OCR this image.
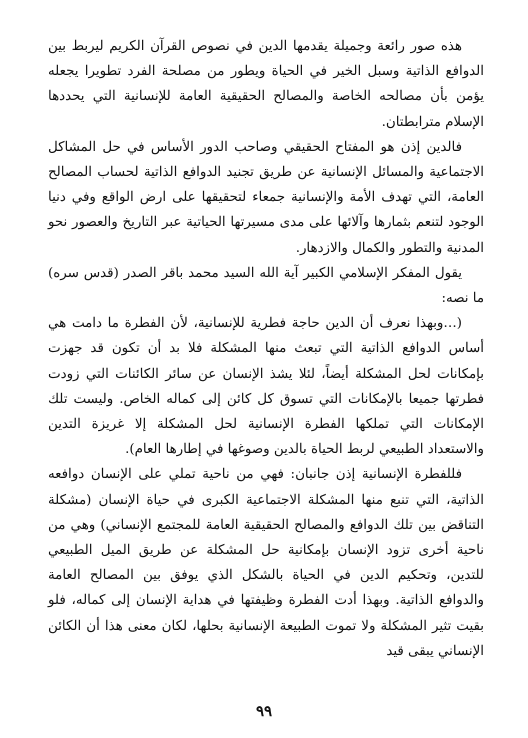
هذه صور رائعة وجميلة يقدمها الدين في نصوص القرآن الكريم ليربط بين الدوافع الذاتية وسبل الخير في الحياة ويطور من مصلحة الفرد تطويرا يجعله يؤمن بأن مصالحه الخاصة والمصالح الحقيقية العامة للإنسانية التي يحددها الإسلام مترابطتان.

فالدين إذن هو المفتاح الحقيقي وصاحب الدور الأساس في حل المشاكل الاجتماعية والمسائل الإنسانية عن طريق تجنيد الدوافع الذاتية لحساب المصالح العامة، التي تهدف الأمة والإنسانية جمعاء لتحقيقها على ارض الواقع وفي دنيا الوجود لتنعم بثمارها وآلائها على مدى مسيرتها الحياتية عبر التاريخ والعصور نحو المدنية والتطور والكمال والازدهار.

يقول المفكر الإسلامي الكبير آية الله السيد محمد باقر الصدر (قدس سره) ما نصه:

(…وبهذا نعرف أن الدين حاجة فطرية للإنسانية، لأن الفطرة ما دامت هي أساس الدوافع الذاتية التي تبعث منها المشكلة فلا بد أن تكون قد جهزت بإمكانات لحل المشكلة أيضاً، لئلا يشذ الإنسان عن سائر الكائنات التي زودت فطرتها جميعا بالإمكانات التي تسوق كل كائن إلى كماله الخاص. وليست تلك الإمكانات التي تملكها الفطرة الإنسانية لحل المشكلة إلا غريزة التدين والاستعداد الطبيعي لربط الحياة بالدين وصوغها في إطارها العام).

فللفطرة الإنسانية إذن جانبان: فهي من ناحية تملي على الإنسان دوافعه الذاتية، التي تنبع منها المشكلة الاجتماعية الكبرى في حياة الإنسان (مشكلة التناقض بين تلك الدوافع والمصالح الحقيقية العامة للمجتمع الإنساني) وهي من ناحية أخرى تزود الإنسان بإمكانية حل المشكلة عن طريق الميل الطبيعي للتدين، وتحكيم الدين في الحياة بالشكل الذي يوفق بين المصالح العامة والدوافع الذاتية. وبهذا أدت الفطرة وظيفتها في هداية الإنسان إلى كماله، فلو بقيت تثير المشكلة ولا تموت الطبيعة الإنسانية بحلها، لكان معنى هذا أن الكائن الإنساني يبقى قيد

٩٩
